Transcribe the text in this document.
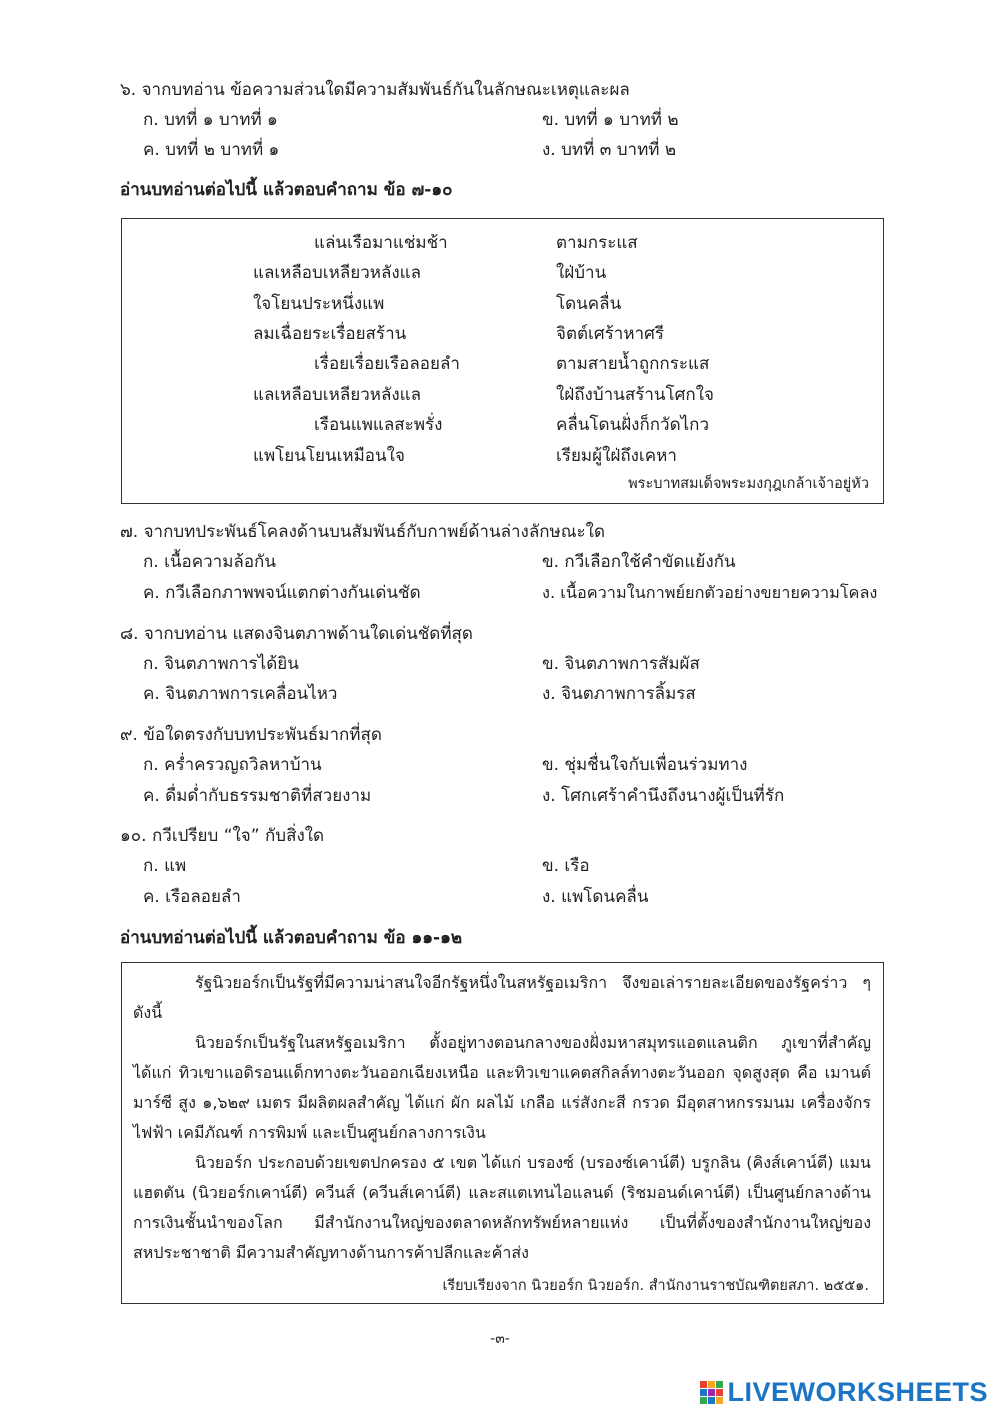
๖. จากบทอ่าน ข้อความส่วนใดมีความสัมพันธ์กันในลักษณะเหตุและผล
ก. บทที่ ๑ บาทที่ ๑	ข. บทที่ ๑ บาทที่ ๒
ค. บทที่ ๒ บาทที่ ๑	ง. บทที่ ๓ บาทที่ ๒
อ่านบทอ่านต่อไปนี้ แล้วตอบคำถาม ข้อ ๗-๑๐
แล่นเรือมาแช่มช้า	ตามกระแส
แลเหลือบเหลียวหลังแล	ใฝ่บ้าน
ใจโยนประหนึ่งแพ	โดนคลื่น
ลมเฉื่อยระเรื่อยสร้าน	จิตต์เศร้าหาศรี
เรื่อยเรื่อยเรือลอยลำ	ตามสายน้ำถูกกระแส
แลเหลือบเหลียวหลังแล	ใฝ่ถึงบ้านสร้านโศกใจ
เรือนแพแลสะพรั่ง	คลื่นโดนฝั่งก็กวัดไกว
แพโยนโยนเหมือนใจ	เรียมผู้ใฝ่ถึงเคหา
พระบาทสมเด็จพระมงกุฎเกล้าเจ้าอยู่หัว
๗. จากบทประพันธ์โคลงด้านบนสัมพันธ์กับกาพย์ด้านล่างลักษณะใด
ก. เนื้อความล้อกัน	ข. กวีเลือกใช้คำขัดแย้งกัน
ค. กวีเลือกภาพพจน์แตกต่างกันเด่นชัด	ง. เนื้อความในกาพย์ยกตัวอย่างขยายความโคลง
๘. จากบทอ่าน แสดงจินตภาพด้านใดเด่นชัดที่สุด
ก. จินตภาพการได้ยิน	ข. จินตภาพการสัมผัส
ค. จินตภาพการเคลื่อนไหว	ง. จินตภาพการลิ้มรส
๙. ข้อใดตรงกับบทประพันธ์มากที่สุด
ก. คร่ำครวญถวิลหาบ้าน	ข. ชุ่มชื่นใจกับเพื่อนร่วมทาง
ค. ดื่มด่ำกับธรรมชาติที่สวยงาม	ง. โศกเศร้าคำนึงถึงนางผู้เป็นที่รัก
๑๐. กวีเปรียบ “ใจ” กับสิ่งใด
ก. แพ	ข. เรือ
ค. เรือลอยลำ	ง. แพโดนคลื่น
อ่านบทอ่านต่อไปนี้ แล้วตอบคำถาม ข้อ ๑๑-๑๒

รัฐนิวยอร์กเป็นรัฐที่มีความน่าสนใจอีกรัฐหนึ่งในสหรัฐอเมริกา จึงขอเล่ารายละเอียดของรัฐคร่าว ๆ ดังนี้

นิวยอร์กเป็นรัฐในสหรัฐอเมริกา ตั้งอยู่ทางตอนกลางของฝั่งมหาสมุทรแอตแลนติก ภูเขาที่สำคัญ ได้แก่ ทิวเขาแอดิรอนแด็กทางตะวันออกเฉียงเหนือ และทิวเขาแคตสกิลล์ทางตะวันออก จุดสูงสุด คือ เมานต์มาร์ซี สูง ๑,๖๒๙ เมตร มีผลิตผลสำคัญ ได้แก่ ผัก ผลไม้ เกลือ แร่สังกะสี กรวด มีอุตสาหกรรมนม เครื่องจักรไฟฟ้า เคมีภัณฑ์ การพิมพ์ และเป็นศูนย์กลางการเงิน

นิวยอร์ก ประกอบด้วยเขตปกครอง ๕ เขต ได้แก่ บรองซ์ (บรองซ์เคาน์ตี) บรูกลิน (คิงส์เคาน์ตี) แมนแฮตตัน (นิวยอร์กเคาน์ตี) ควีนส์ (ควีนส์เคาน์ตี) และสแตเทนไอแลนด์ (ริชมอนด์เคาน์ตี) เป็นศูนย์กลางด้านการเงินชั้นนำของโลก มีสำนักงานใหญ่ของตลาดหลักทรัพย์หลายแห่ง เป็นที่ตั้งของสำนักงานใหญ่ของสหประชาชาติ มีความสำคัญทางด้านการค้าปลีกและค้าส่ง

เรียบเรียงจาก นิวยอร์ก นิวยอร์ก. สำนักงานราชบัณฑิตยสภา. ๒๕๕๑.
-๓-
LIVEWORKSHEETS
